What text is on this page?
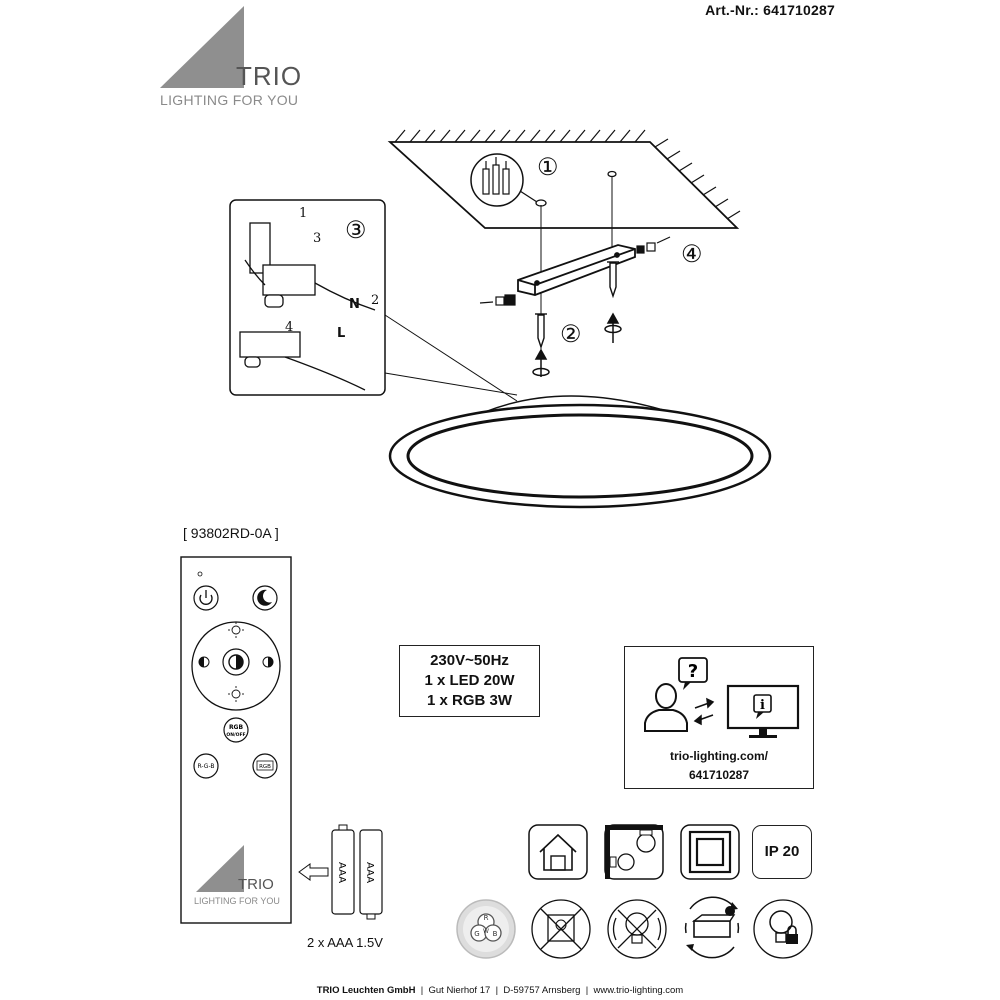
Art.-Nr.: 641710287
TRIO
LIGHTING FOR YOU
①
④
②
③
1
2
3
4
N
L
[ 93802RD-0A ]
RGB
ON/OFF
R-G-B	RGB
TRIO
LIGHTING FOR YOU
AAA AAA
2 x AAA 1.5V
230V~50Hz
1 x LED 20W
1 x RGB 3W
?
i
trio-lighting.com/
641710287
IP 20
R
G B
W
TRIO Leuchten GmbH | Gut Nierhof 17 | D-59757 Arnsberg | www.trio-lighting.com
